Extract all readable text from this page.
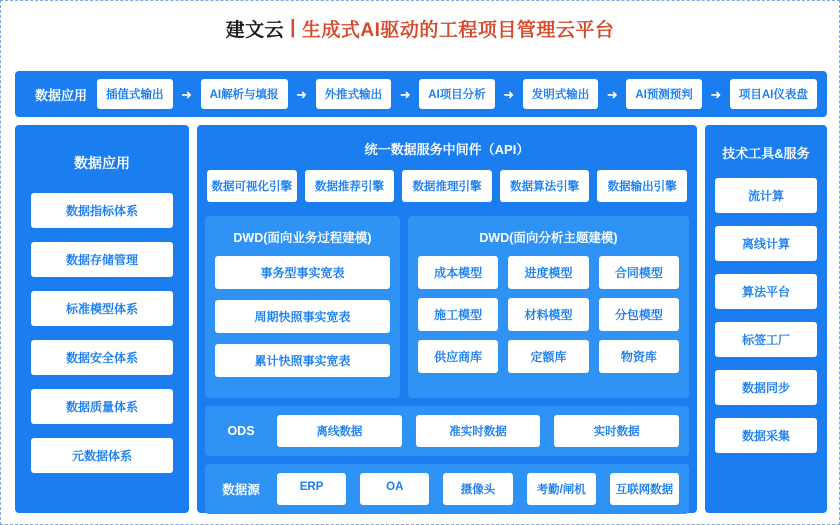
建文云 | 生成式AI驱动的工程项目管理云平台
数据应用	插值式输出	➜	AI解析与填报	➜	外推式输出	➜	AI项目分析	➜	发明式输出	➜	AI预测预判	➜	项目AI仪表盘
数据应用
数据指标体系
数据存储管理
标准模型体系
数据安全体系
数据质量体系
元数据体系
统一数据服务中间件（API）
数据可视化引擎	数据推荐引擎	数据推理引擎	数据算法引擎	数据输出引擎
DWD(面向业务过程建模)
事务型事实宽表
周期快照事实宽表
累计快照事实宽表
DWD(面向分析主题建模)
成本模型	进度模型	合同模型
施工模型	材料模型	分包模型
供应商库	定额库	物资库
ODS	离线数据	准实时数据	实时数据
数据源	ERP	OA	摄像头	考勤/闸机	互联网数据
技术工具&服务
流计算
离线计算
算法平台
标签工厂
数据同步
数据采集
